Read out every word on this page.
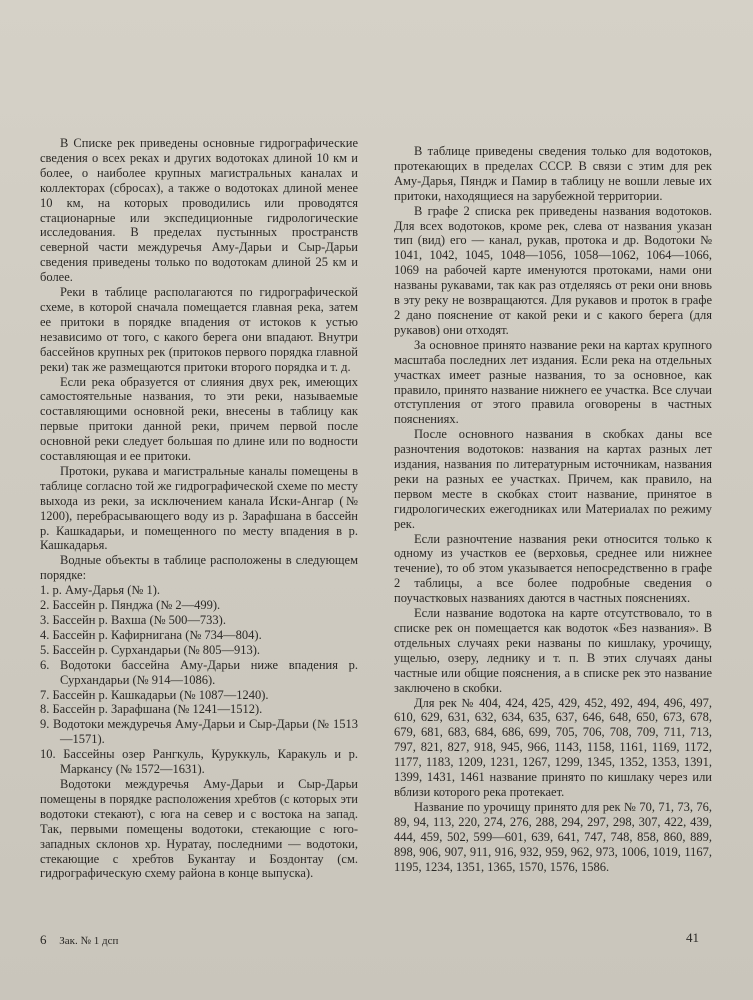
В Списке рек приведены основные гидрографические сведения о всех реках и других водотоках длиной 10 км и более, о наиболее крупных магистральных каналах и коллекторах (сбросах), а также о водотоках длиной менее 10 км, на которых проводились или проводятся стационарные или экспедиционные гидрологические исследования. В пределах пустынных пространств северной части междуречья Аму-Дарьи и Сыр-Дарьи сведения приведены только по водотокам длиной 25 км и более.

Реки в таблице располагаются по гидрографической схеме, в которой сначала помещается главная река, затем ее притоки в порядке впадения от истоков к устью независимо от того, с какого берега они впадают. Внутри бассейнов крупных рек (притоков первого порядка главной реки) так же размещаются притоки второго порядка и т. д.

Если река образуется от слияния двух рек, имеющих самостоятельные названия, то эти реки, называемые составляющими основной реки, внесены в таблицу как первые притоки данной реки, причем первой после основной реки следует большая по длине или по водности составляющая и ее притоки.

Протоки, рукава и магистральные каналы помещены в таблице согласно той же гидрографической схеме по месту выхода из реки, за исключением канала Иски-Ангар (№ 1200), перебрасывающего воду из р. Зарафшана в бассейн р. Кашкадарьи, и помещенного по месту впадения в р. Кашкадарья.

Водные объекты в таблице расположены в следующем порядке:

1. р. Аму-Дарья (№ 1).
2. Бассейн р. Пянджа (№ 2—499).
3. Бассейн р. Вахша (№ 500—733).
4. Бассейн р. Кафирнигана (№ 734—804).
5. Бассейн р. Сурхандарьи (№ 805—913).
6. Водотоки бассейна Аму-Дарьи ниже впадения р. Сурхандарьи (№ 914—1086).
7. Бассейн р. Кашкадарьи (№ 1087—1240).
8. Бассейн р. Зарафшана (№ 1241—1512).
9. Водотоки междуречья Аму-Дарьи и Сыр-Дарьи (№ 1513—1571).
10. Бассейны озер Рангкуль, Куруккуль, Каракуль и р. Маркансу (№ 1572—1631).

Водотоки междуречья Аму-Дарьи и Сыр-Дарьи помещены в порядке расположения хребтов (с которых эти водотоки стекают), с юга на север и с востока на запад. Так, первыми помещены водотоки, стекающие с юго-западных склонов хр. Нуратау, последними — водотоки, стекающие с хребтов Букантау и Боздонтау (см. гидрографическую схему района в конце выпуска).

В таблице приведены сведения только для водотоков, протекающих в пределах СССР. В связи с этим для рек Аму-Дарья, Пяндж и Памир в таблицу не вошли левые их притоки, находящиеся на зарубежной территории.

В графе 2 списка рек приведены названия водотоков. Для всех водотоков, кроме рек, слева от названия указан тип (вид) его — канал, рукав, протока и др. Водотоки № 1041, 1042, 1045, 1048—1056, 1058—1062, 1064—1066, 1069 на рабочей карте именуются протоками, нами они названы рукавами, так как раз отделяясь от реки они вновь в эту реку не возвращаются. Для рукавов и проток в графе 2 дано пояснение от какой реки и с какого берега (для рукавов) они отходят.

За основное принято название реки на картах крупного масштаба последних лет издания. Если река на отдельных участках имеет разные названия, то за основное, как правило, принято название нижнего ее участка. Все случаи отступления от этого правила оговорены в частных пояснениях.

После основного названия в скобках даны все разночтения водотоков: названия на картах разных лет издания, названия по литературным источникам, названия реки на разных ее участках. Причем, как правило, на первом месте в скобках стоит название, принятое в гидрологических ежегодниках или Материалах по режиму рек.

Если разночтение названия реки относится только к одному из участков ее (верховья, среднее или нижнее течение), то об этом указывается непосредственно в графе 2 таблицы, а все более подробные сведения о поучастковых названиях даются в частных пояснениях.

Если название водотока на карте отсутствовало, то в списке рек он помещается как водоток «Без названия». В отдельных случаях реки названы по кишлаку, урочищу, ущелью, озеру, леднику и т. п. В этих случаях даны частные или общие пояснения, а в списке рек это название заключено в скобки.

Для рек № 404, 424, 425, 429, 452, 492, 494, 496, 497, 610, 629, 631, 632, 634, 635, 637, 646, 648, 650, 673, 678, 679, 681, 683, 684, 686, 699, 705, 706, 708, 709, 711, 713, 797, 821, 827, 918, 945, 966, 1143, 1158, 1161, 1169, 1172, 1177, 1183, 1209, 1231, 1267, 1299, 1345, 1352, 1353, 1391, 1399, 1431, 1461 название принято по кишлаку через или вблизи которого река протекает.

Название по урочищу принято для рек № 70, 71, 73, 76, 89, 94, 113, 220, 274, 276, 288, 294, 297, 298, 307, 422, 439, 444, 459, 502, 599—601, 639, 641, 747, 748, 858, 860, 889, 898, 906, 907, 911, 916, 932, 959, 962, 973, 1006, 1019, 1167, 1195, 1234, 1351, 1365, 1570, 1576, 1586.

6 Зак. № 1 дсп	41
